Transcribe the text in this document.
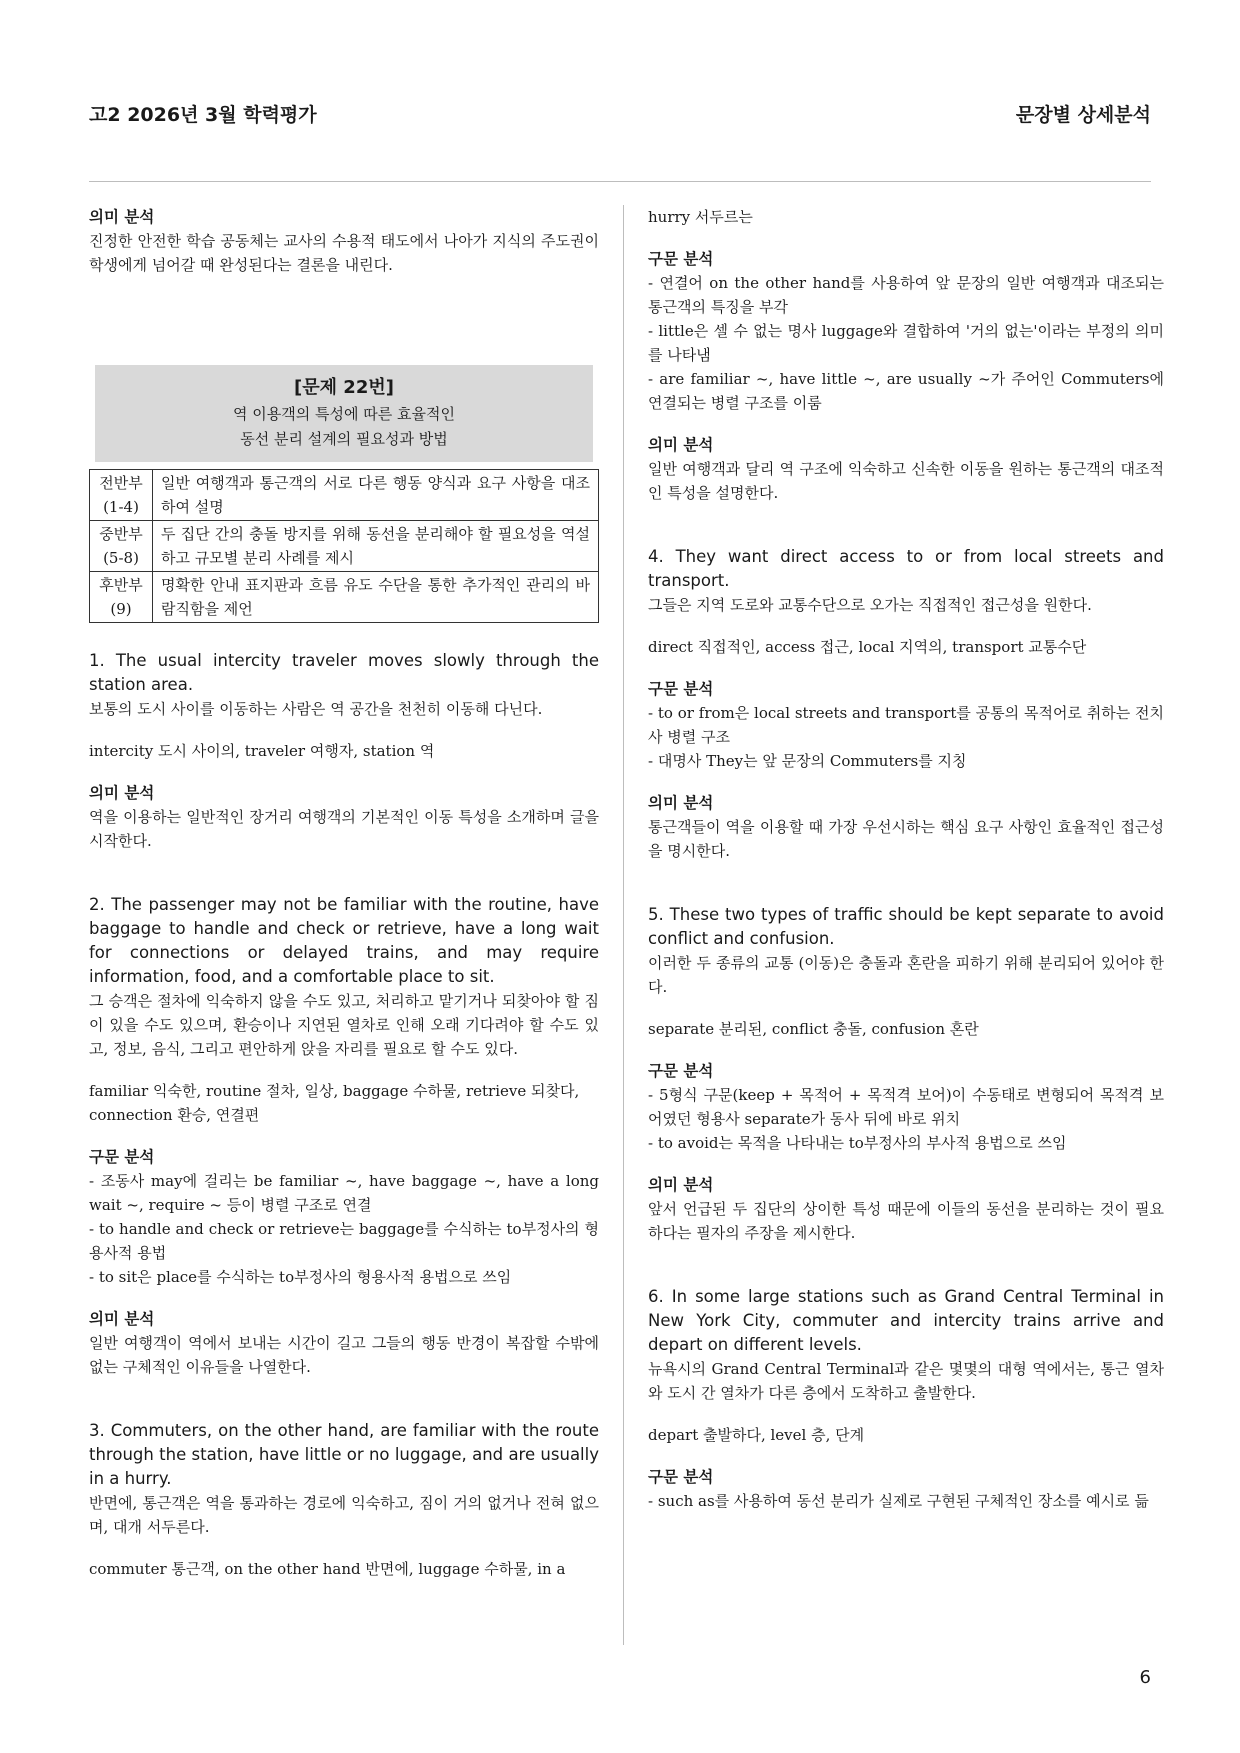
고2 2026년 3월 학력평가	문장별 상세분석
의미 분석

진정한 안전한 학습 공동체는 교사의 수용적 태도에서 나아가 지식의 주도권이 학생에게 넘어갈 때 완성된다는 결론을 내린다.

[문제 22번]
역 이용객의 특성에 따른 효율적인
동선 분리 설계의 필요성과 방법
전반부
(1-4)	일반 여행객과 통근객의 서로 다른 행동 양식과 요구 사항을 대조하여 설명
중반부
(5-8)	두 집단 간의 충돌 방지를 위해 동선을 분리해야 할 필요성을 역설하고 규모별 분리 사례를 제시
후반부
(9)	명확한 안내 표지판과 흐름 유도 수단을 통한 추가적인 관리의 바람직함을 제언

1. The usual intercity traveler moves slowly through the station area.

보통의 도시 사이를 이동하는 사람은 역 공간을 천천히 이동해 다닌다.

intercity 도시 사이의, traveler 여행자, station 역

의미 분석

역을 이용하는 일반적인 장거리 여행객의 기본적인 이동 특성을 소개하며 글을 시작한다.

2. The passenger may not be familiar with the routine, have baggage to handle and check or retrieve, have a long wait for connections or delayed trains, and may require information, food, and a comfortable place to sit.

그 승객은 절차에 익숙하지 않을 수도 있고, 처리하고 맡기거나 되찾아야 할 짐이 있을 수도 있으며, 환승이나 지연된 열차로 인해 오래 기다려야 할 수도 있고, 정보, 음식, 그리고 편안하게 앉을 자리를 필요로 할 수도 있다.

familiar 익숙한, routine 절차, 일상, baggage 수하물, retrieve 되찾다, connection 환승, 연결편

구문 분석

- 조동사 may에 걸리는 be familiar ~, have baggage ~, have a long wait ~, require ~ 등이 병렬 구조로 연결

- to handle and check or retrieve는 baggage를 수식하는 to부정사의 형용사적 용법

- to sit은 place를 수식하는 to부정사의 형용사적 용법으로 쓰임

의미 분석

일반 여행객이 역에서 보내는 시간이 길고 그들의 행동 반경이 복잡할 수밖에 없는 구체적인 이유들을 나열한다.

3. Commuters, on the other hand, are familiar with the route through the station, have little or no luggage, and are usually in a hurry.

반면에, 통근객은 역을 통과하는 경로에 익숙하고, 짐이 거의 없거나 전혀 없으며, 대개 서두른다.

commuter 통근객, on the other hand 반면에, luggage 수하물, in a

hurry 서두르는

구문 분석

- 연결어 on the other hand를 사용하여 앞 문장의 일반 여행객과 대조되는 통근객의 특징을 부각

- little은 셀 수 없는 명사 luggage와 결합하여 '거의 없는'이라는 부정의 의미를 나타냄

- are familiar ~, have little ~, are usually ~가 주어인 Commuters에 연결되는 병렬 구조를 이룸

의미 분석

일반 여행객과 달리 역 구조에 익숙하고 신속한 이동을 원하는 통근객의 대조적인 특성을 설명한다.

4. They want direct access to or from local streets and transport.

그들은 지역 도로와 교통수단으로 오가는 직접적인 접근성을 원한다.

direct 직접적인, access 접근, local 지역의, transport 교통수단

구문 분석

- to or from은 local streets and transport를 공통의 목적어로 취하는 전치사 병렬 구조

- 대명사 They는 앞 문장의 Commuters를 지칭

의미 분석

통근객들이 역을 이용할 때 가장 우선시하는 핵심 요구 사항인 효율적인 접근성을 명시한다.

5. These two types of traffic should be kept separate to avoid conflict and confusion.

이러한 두 종류의 교통 (이동)은 충돌과 혼란을 피하기 위해 분리되어 있어야 한다.

separate 분리된, conflict 충돌, confusion 혼란

구문 분석

- 5형식 구문(keep + 목적어 + 목적격 보어)이 수동태로 변형되어 목적격 보어였던 형용사 separate가 동사 뒤에 바로 위치

- to avoid는 목적을 나타내는 to부정사의 부사적 용법으로 쓰임

의미 분석

앞서 언급된 두 집단의 상이한 특성 때문에 이들의 동선을 분리하는 것이 필요하다는 필자의 주장을 제시한다.

6. In some large stations such as Grand Central Terminal in New York City, commuter and intercity trains arrive and depart on different levels.

뉴욕시의 Grand Central Terminal과 같은 몇몇의 대형 역에서는, 통근 열차와 도시 간 열차가 다른 층에서 도착하고 출발한다.

depart 출발하다, level 층, 단계

구문 분석

- such as를 사용하여 동선 분리가 실제로 구현된 구체적인 장소를 예시로 듦

6
